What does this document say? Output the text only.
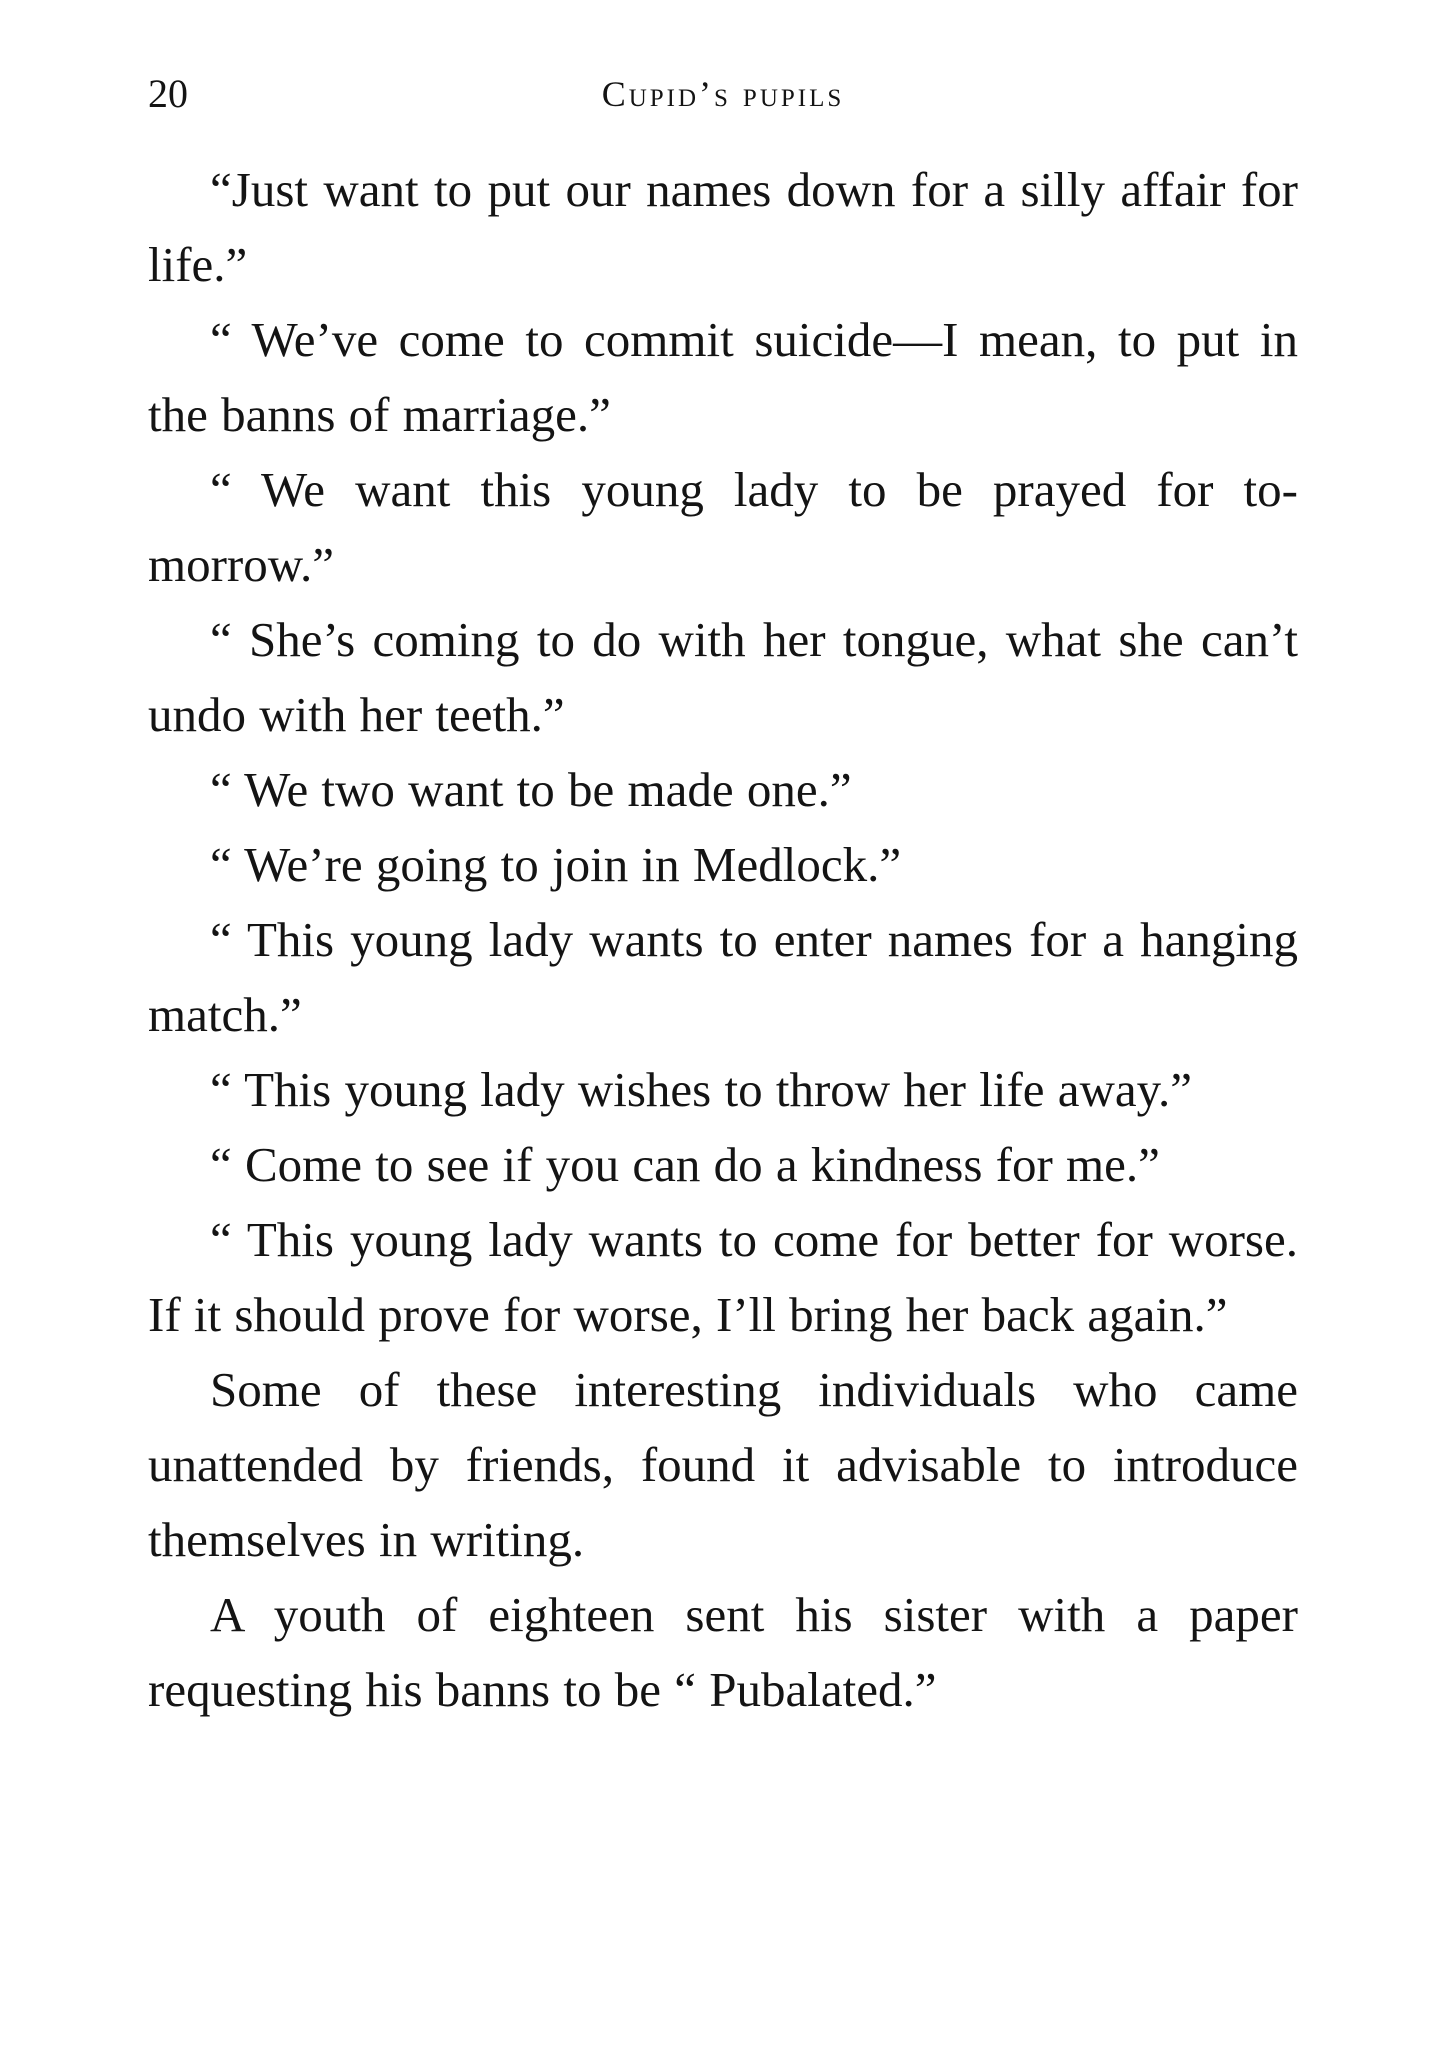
20	cupid’s pupils

“Just want to put our names down for a silly affair for life.”

“ We’ve come to commit suicide—I mean, to put in the banns of marriage.”

“ We want this young lady to be prayed for to-morrow.”

“ She’s coming to do with her tongue, what she can’t undo with her teeth.”

“ We two want to be made one.”

“ We’re going to join in Medlock.”

“ This young lady wants to enter names for a hanging match.”

“ This young lady wishes to throw her life away.”

“ Come to see if you can do a kindness for me.”

“ This young lady wants to come for better for worse. If it should prove for worse, I’ll bring her back again.”

Some of these interesting individuals who came unattended by friends, found it advisable to introduce themselves in writing.

A youth of eighteen sent his sister with a paper requesting his banns to be “ Pubalated.”
